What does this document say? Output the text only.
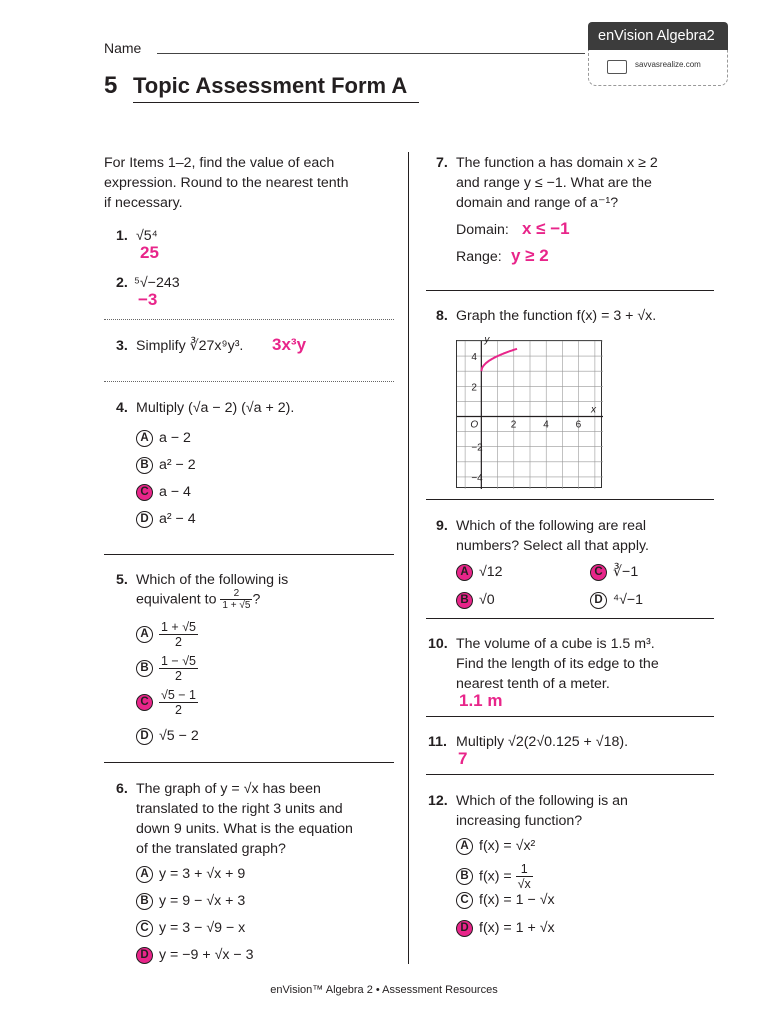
Name
5 Topic Assessment Form A
enVision Algebra2
savvasrealize.com
For Items 1–2, find the value of each
expression. Round to the nearest tenth
if necessary.
1. √5⁴
25
2. ⁵√−243
−3
3. Simplify ∛27x⁹y³. 3x³y
4. Multiply (√a − 2) (√a + 2).
A a − 2
B a² − 2
C a − 4
D a² − 4
5. Which of the following is
equivalent to $\frac{2}{1 + √5}$ ?
A $\frac{1 + √5}{2}$
B $\frac{1 - √5}{2}$
C $\frac{√5 - 1}{2}$
D √5 − 2
6. The graph of y = √x has been
translated to the right 3 units and
down 9 units. What is the equation
of the translated graph?
A y = 3 + √x + 9
B y = 9 − √x + 3
C y = 3 − √9 − x
D y = −9 + √x − 3
7. The function a has domain x ≥ 2
and range y ≤ −1. What are the
domain and range of a⁻¹?
Domain: x ≤ −1
Range: y ≥ 2
8. Graph the function f(x) = 3 + √x.
y
x
O
4
2
−2
−4
2	4	6
9. Which of the following are real
numbers? Select all that apply.
A √12
B √0
C ∛−1
D ⁴√−1
10. The volume of a cube is 1.5 m³.
Find the length of its edge to the
nearest tenth of a meter.
1.1 m
11. Multiply √2(2√0.125 + √18).
7
12. Which of the following is an
increasing function?
A f(x) = √x²
B $f(x) = \frac{1}{√x}$
C f(x) = 1 − √x
D f(x) = 1 + √x
enVision™ Algebra 2 • Assessment Resources
